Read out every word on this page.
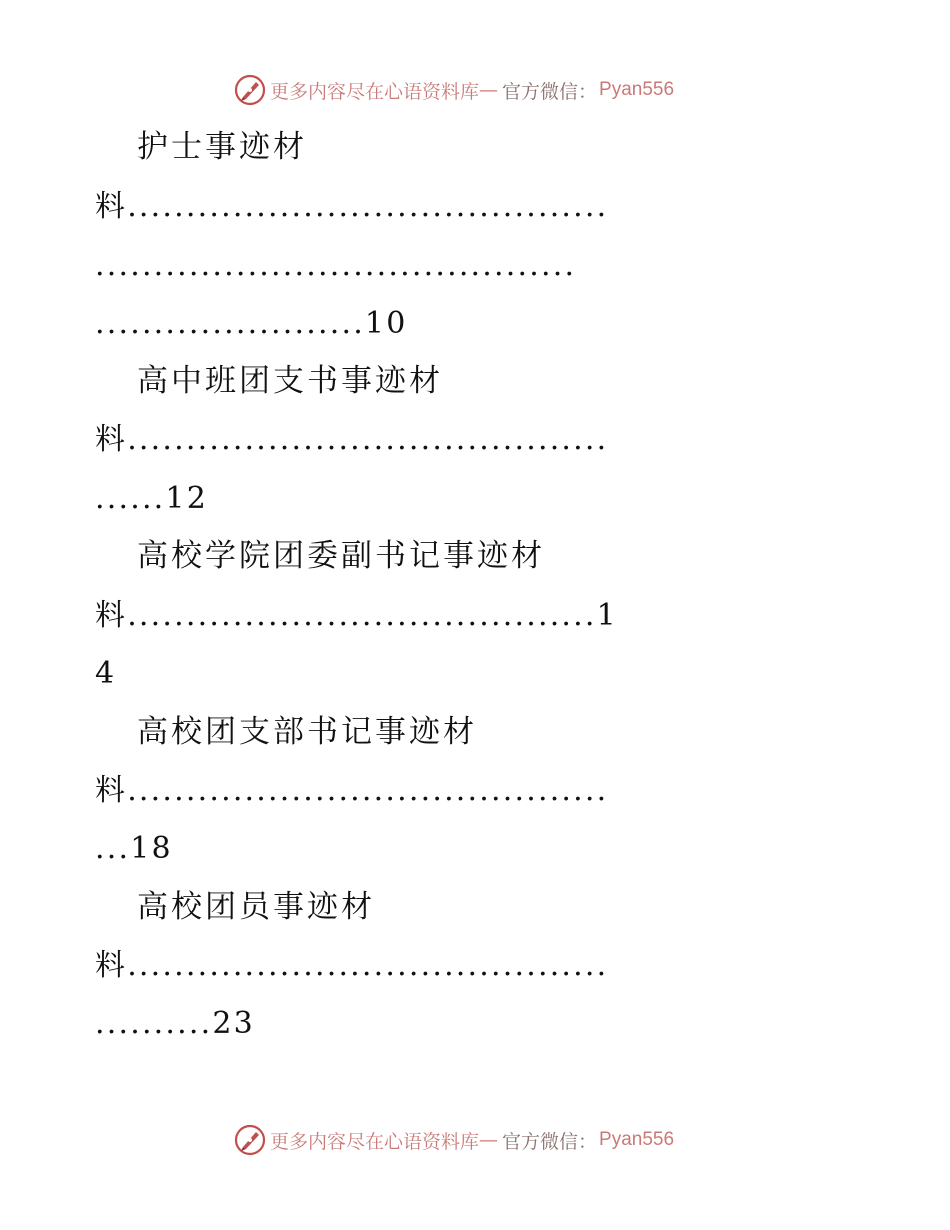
更多内容尽在心语资料库 — 官方微信： Pyan556
护士事迹材
料.........................................
.........................................
.......................10
高中班团支书事迹材
料.........................................
......12
高校学院团委副书记事迹材
料........................................1
4
高校团支部书记事迹材
料.........................................
...18
高校团员事迹材
料.........................................
..........23
更多内容尽在心语资料库 — 官方微信： Pyan556
